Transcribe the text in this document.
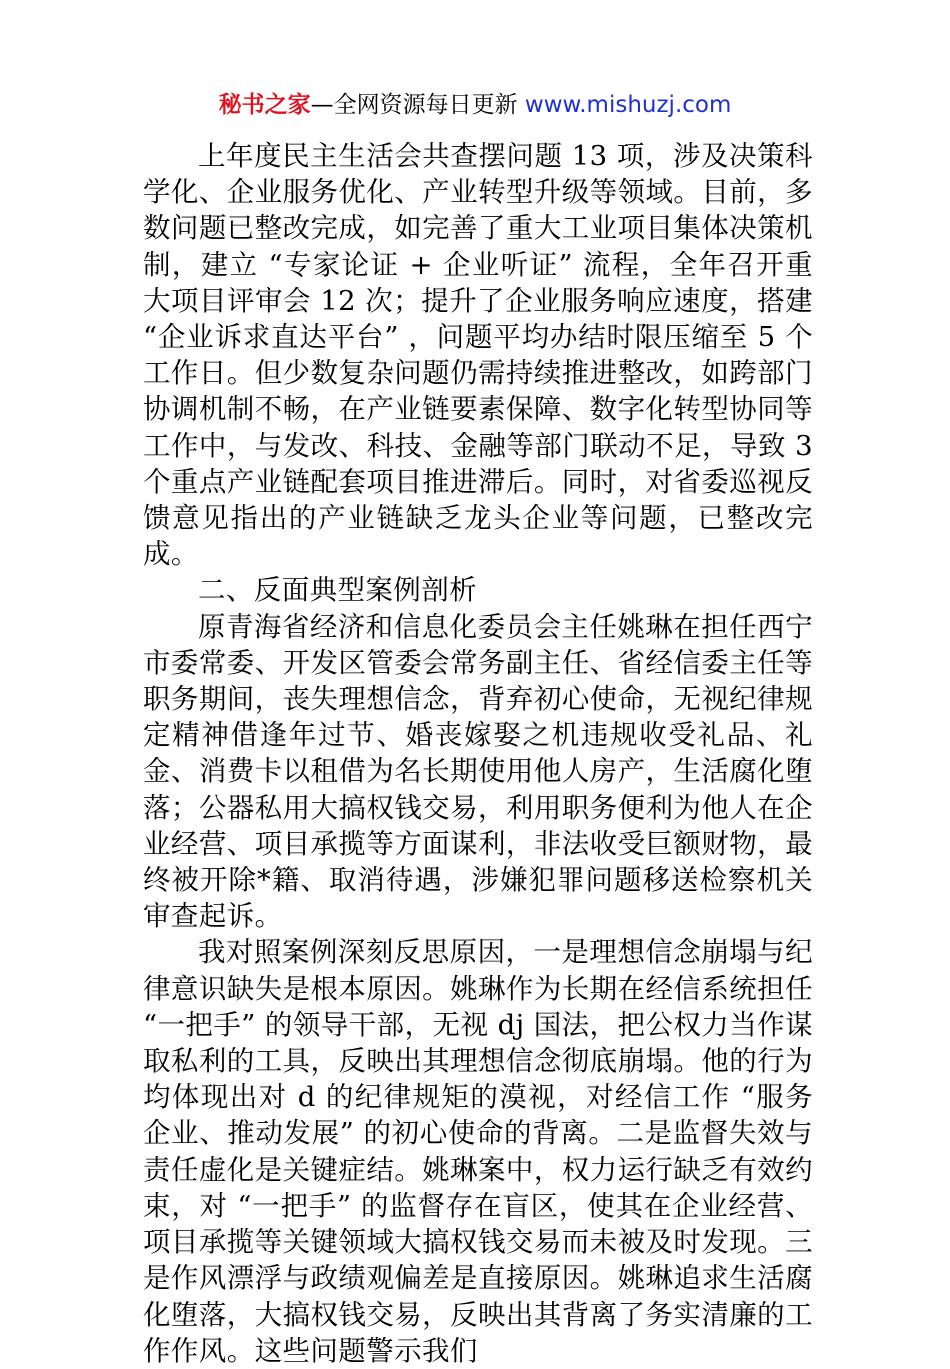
秘书之家—全网资源每日更新 www.mishuzj.com

上年度民主生活会共查摆问题 13 项，涉及决策科学化、企业服务优化、产业转型升级等领域。目前，多数问题已整改完成，如完善了重大工业项目集体决策机制，建立 “专家论证 + 企业听证” 流程，全年召开重大项目评审会 12 次；提升了企业服务响应速度，搭建 “企业诉求直达平台” ，问题平均办结时限压缩至 5 个工作日。但少数复杂问题仍需持续推进整改，如跨部门协调机制不畅，在产业链要素保障、数字化转型协同等工作中，与发改、科技、金融等部门联动不足，导致 3 个重点产业链配套项目推进滞后。同时，对省委巡视反馈意见指出的产业链缺乏龙头企业等问题，已整改完成。

二、反面典型案例剖析

原青海省经济和信息化委员会主任姚琳在担任西宁市委常委、开发区管委会常务副主任、省经信委主任等职务期间，丧失理想信念，背弃初心使命，无视纪律规定精神借逢年过节、婚丧嫁娶之机违规收受礼品、礼金、消费卡以租借为名长期使用他人房产，生活腐化堕落；公器私用大搞权钱交易，利用职务便利为他人在企业经营、项目承揽等方面谋利，非法收受巨额财物，最终被开除*籍、取消待遇，涉嫌犯罪问题移送检察机关审查起诉。

我对照案例深刻反思原因，一是理想信念崩塌与纪律意识缺失是根本原因。姚琳作为长期在经信系统担任 “一把手” 的领导干部，无视 dj 国法，把公权力当作谋取私利的工具，反映出其理想信念彻底崩塌。他的行为均体现出对 d 的纪律规矩的漠视，对经信工作 “服务企业、推动发展” 的初心使命的背离。二是监督失效与责任虚化是关键症结。姚琳案中，权力运行缺乏有效约束，对 “一把手” 的监督存在盲区，使其在企业经营、项目承揽等关键领域大搞权钱交易而未被及时发现。三是作风漂浮与政绩观偏差是直接原因。姚琳追求生活腐化堕落，大搞权钱交易，反映出其背离了务实清廉的工作作风。这些问题警示我们
